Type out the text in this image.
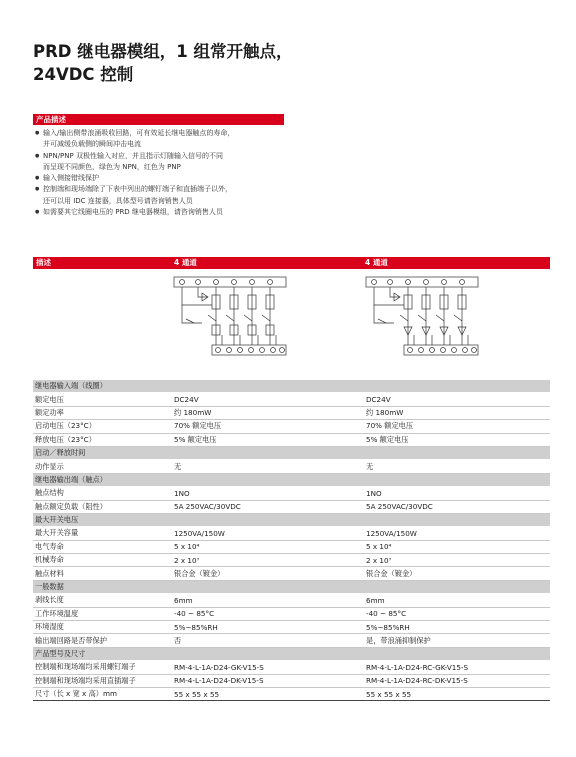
PRD 继电器模组，1 组常开触点，
24VDC 控制
产品描述
● 输入/输出侧带浪涌吸收回路，可有效延长继电器触点的寿命，
并可减缓负载侧的瞬间冲击电流
● NPN/PNP 双极性输入对应，并且指示灯随输入信号的不同
而呈现不同颜色，绿色为 NPN，红色为 PNP
● 输入侧接错线保护
● 控制端和现场端除了下表中列出的螺钉端子和直插端子以外，
还可以用 IDC 连接器，具体型号请咨询销售人员
● 如需要其它线圈电压的 PRD 继电器模组，请咨询销售人员
描述	4 通道	4 通道
继电器输入端（线圈）		
额定电压	DC24V	DC24V
额定功率	约 180mW	约 180mW
启动电压（23°C）	70% 额定电压	70% 额定电压
释放电压（23°C）	5% 额定电压	5% 额定电压
启动／释放时间		
动作显示	无	无
继电器输出端（触点）		
触点结构	1NO	1NO
触点额定负载（阻性）	5A 250VAC/30VDC	5A 250VAC/30VDC
最大开关电压		
最大开关容量	1250VA/150W	1250VA/150W
电气寿命	5 x 10⁴	5 x 10⁴
机械寿命	2 x 10⁷	2 x 10⁷
触点材料	银合金（镀金）	银合金（镀金）
一般数据		
剥线长度	6mm	6mm
工作环境温度	-40 ~ 85°C	-40 ~ 85°C
环境湿度	5%~85%RH	5%~85%RH
输出端回路是否带保护	否	是，带浪涌抑制保护
产品型号及尺寸		
控制端和现场端均采用螺钉端子	RM-4-L-1A-D24-GK-V15-S	RM-4-L-1A-D24-RC-GK-V15-S
控制端和现场端均采用直插端子	RM-4-L-1A-D24-DK-V15-S	RM-4-L-1A-D24-RC-DK-V15-S
尺寸（长 x 宽 x 高）mm	55 x 55 x 55	55 x 55 x 55
